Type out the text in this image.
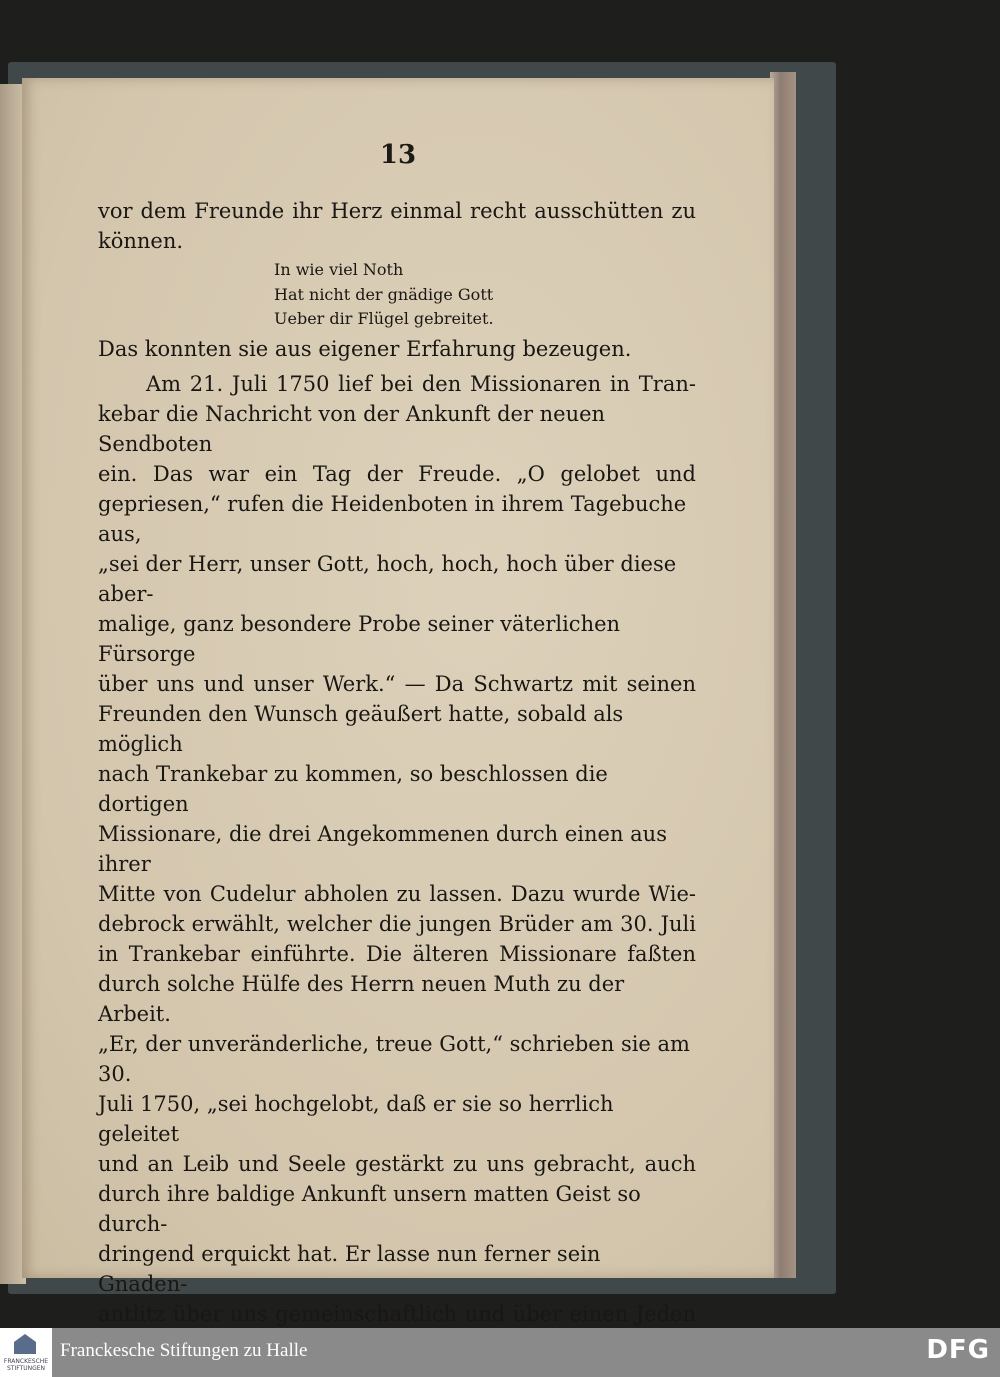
13
vor dem Freunde ihr Herz einmal recht ausschütten zu
können.
In wie viel Noth
Hat nicht der gnädige Gott
Ueber dir Flügel gebreitet.
Das konnten sie aus eigener Erfahrung bezeugen.
Am 21. Juli 1750 lief bei den Missionaren in Tran-
kebar die Nachricht von der Ankunft der neuen Sendboten
ein. Das war ein Tag der Freude. „O gelobet und
gepriesen,“ rufen die Heidenboten in ihrem Tagebuche aus,
„sei der Herr, unser Gott, hoch, hoch, hoch über diese aber-
malige, ganz besondere Probe seiner väterlichen Fürsorge
über uns und unser Werk.“ — Da Schwartz mit seinen
Freunden den Wunsch geäußert hatte, sobald als möglich
nach Trankebar zu kommen, so beschlossen die dortigen
Missionare, die drei Angekommenen durch einen aus ihrer
Mitte von Cudelur abholen zu lassen. Dazu wurde Wie-
debrock erwählt, welcher die jungen Brüder am 30. Juli
in Trankebar einführte. Die älteren Missionare faßten
durch solche Hülfe des Herrn neuen Muth zu der Arbeit.
„Er, der unveränderliche, treue Gott,“ schrieben sie am 30.
Juli 1750, „sei hochgelobt, daß er sie so herrlich geleitet
und an Leib und Seele gestärkt zu uns gebracht, auch
durch ihre baldige Ankunft unsern matten Geist so durch-
dringend erquickt hat. Er lasse nun ferner sein Gnaden-
antlitz über uns gemeinschaftlich und über einen Jeden
FRANCKESCHE
STIFTUNGEN
Franckesche Stiftungen zu Halle	DFG
